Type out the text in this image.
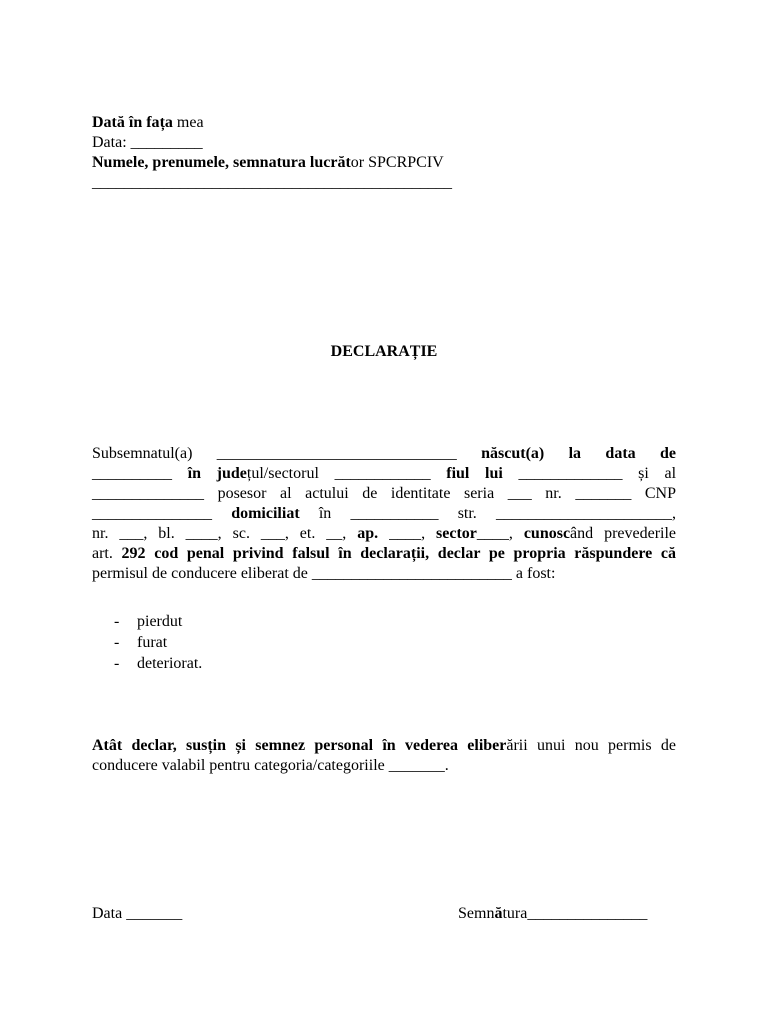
Dată în fața mea
Data: _________
Numele, prenumele, semnatura lucrător SPCRPCIV
_____________________________________________
DECLARAȚIE
Subsemnatul(a) ______________________________ născut(a) la data de
__________ în județul/sectorul ____________ fiul lui _____________ și al
______________ posesor al actului de identitate seria ___ nr. _______ CNP
_______________ domiciliat în ___________ str. ______________________,
nr. ___, bl. ____, sc. ___, et. __, ap. ____, sector____, cunoscând prevederile
art. 292 cod penal privind falsul în declarații, declar pe propria răspundere că
permisul de conducere eliberat de _________________________ a fost:
- pierdut
- furat
- deteriorat.
Atât declar, susțin și semnez personal în vederea eliberării unui nou permis de
conducere valabil pentru categoria/categoriile _______.
Data _______	Semnătura_______________
